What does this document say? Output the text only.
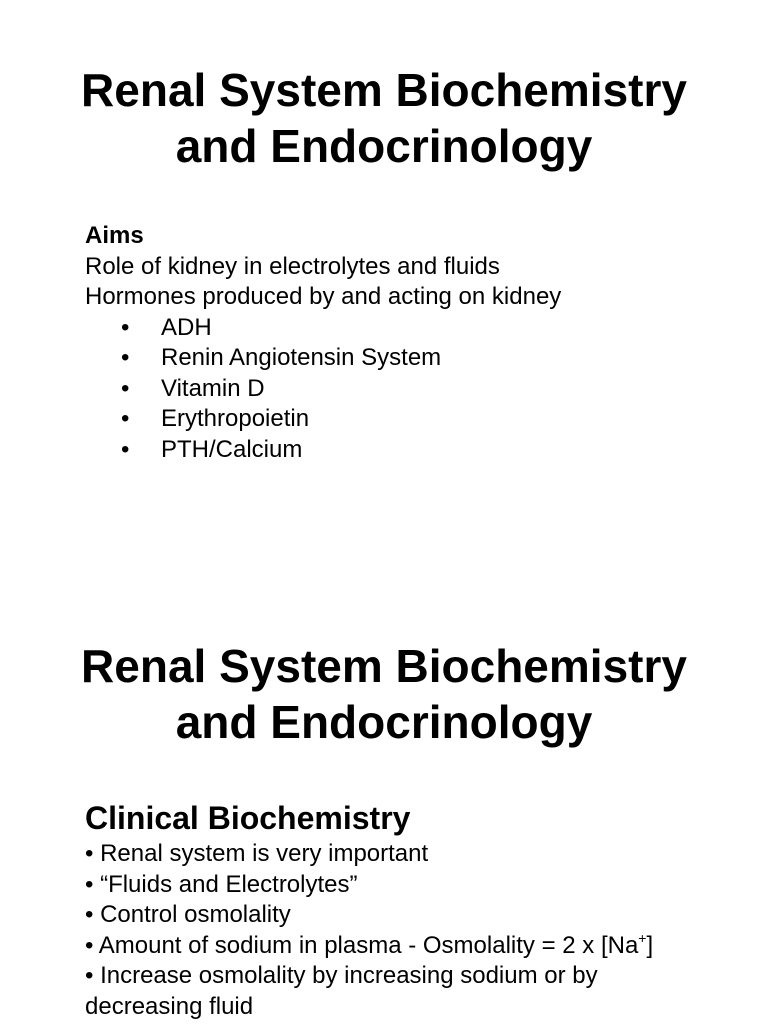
Renal System Biochemistry
and Endocrinology
Aims
Role of kidney in electrolytes and fluids
Hormones produced by and acting on kidney
• ADH
• Renin Angiotensin System
• Vitamin D
• Erythropoietin
• PTH/Calcium
Renal System Biochemistry
and Endocrinology
Clinical Biochemistry
• Renal system is very important
• “Fluids and Electrolytes”
• Control osmolality
• Amount of sodium in plasma - Osmolality = 2 x [Na+]
• Increase osmolality by increasing sodium or by decreasing fluid
